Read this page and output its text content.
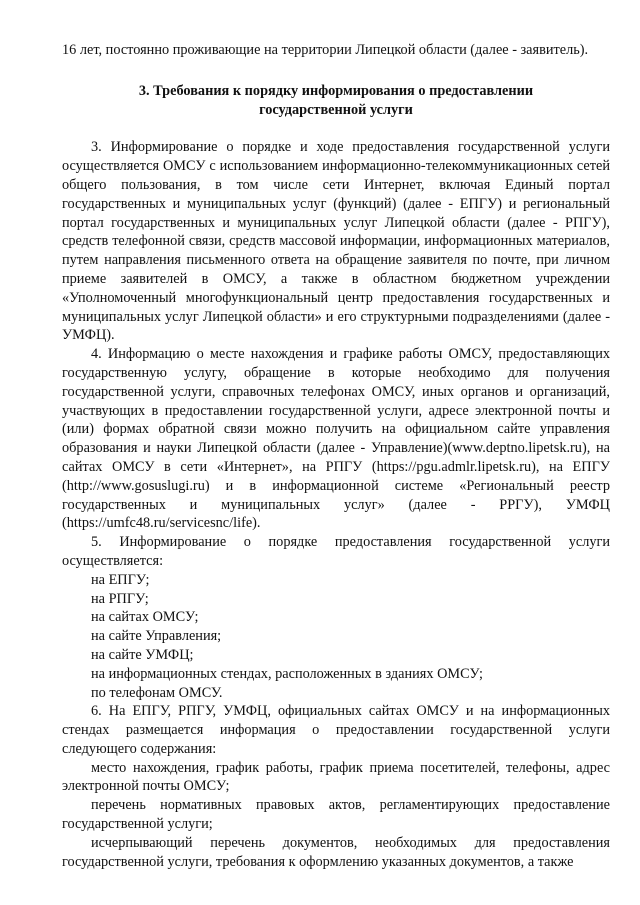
16 лет, постоянно проживающие на территории Липецкой области (далее - заявитель).

3. Требования к порядку информирования о предоставлении государственной услуги

3. Информирование о порядке и ходе предоставления государственной услуги осуществляется ОМСУ с использованием информационно-телекоммуникационных сетей общего пользования, в том числе сети Интернет, включая Единый портал государственных и муниципальных услуг (функций) (далее - ЕПГУ) и региональный портал государственных и муниципальных услуг Липецкой области (далее - РПГУ), средств телефонной связи, средств массовой информации, информационных материалов, путем направления письменного ответа на обращение заявителя по почте, при личном приеме заявителей в ОМСУ, а также в областном бюджетном учреждении «Уполномоченный многофункциональный центр предоставления государственных и муниципальных услуг Липецкой области» и его структурными подразделениями (далее - УМФЦ).

4. Информацию о месте нахождения и графике работы ОМСУ, предоставляющих государственную услугу, обращение в которые необходимо для получения государственной услуги, справочных телефонах ОМСУ, иных органов и организаций, участвующих в предоставлении государственной услуги, адресе электронной почты и (или) формах обратной связи можно получить на официальном сайте управления образования и науки Липецкой области (далее - Управление)(www.deptno.lipetsk.ru), на сайтах ОМСУ в сети «Интернет», на РПГУ (https://pgu.admlr.lipetsk.ru), на ЕПГУ (http://www.gosuslugi.ru) и в информационной системе «Региональный реестр государственных и муниципальных услуг» (далее - РРГУ), УМФЦ (https://umfc48.ru/servicesnc/life).

5. Информирование о порядке предоставления государственной услуги осуществляется:

на ЕПГУ;

на РПГУ;

на сайтах ОМСУ;

на сайте Управления;

на сайте УМФЦ;

на информационных стендах, расположенных в зданиях ОМСУ;

по телефонам ОМСУ.

6. На ЕПГУ, РПГУ, УМФЦ, официальных сайтах ОМСУ и на информационных стендах размещается информация о предоставлении государственной услуги следующего содержания:

место нахождения, график работы, график приема посетителей, телефоны, адрес электронной почты ОМСУ;

перечень нормативных правовых актов, регламентирующих предоставление государственной услуги;

исчерпывающий перечень документов, необходимых для предоставления государственной услуги, требования к оформлению указанных документов, а также
